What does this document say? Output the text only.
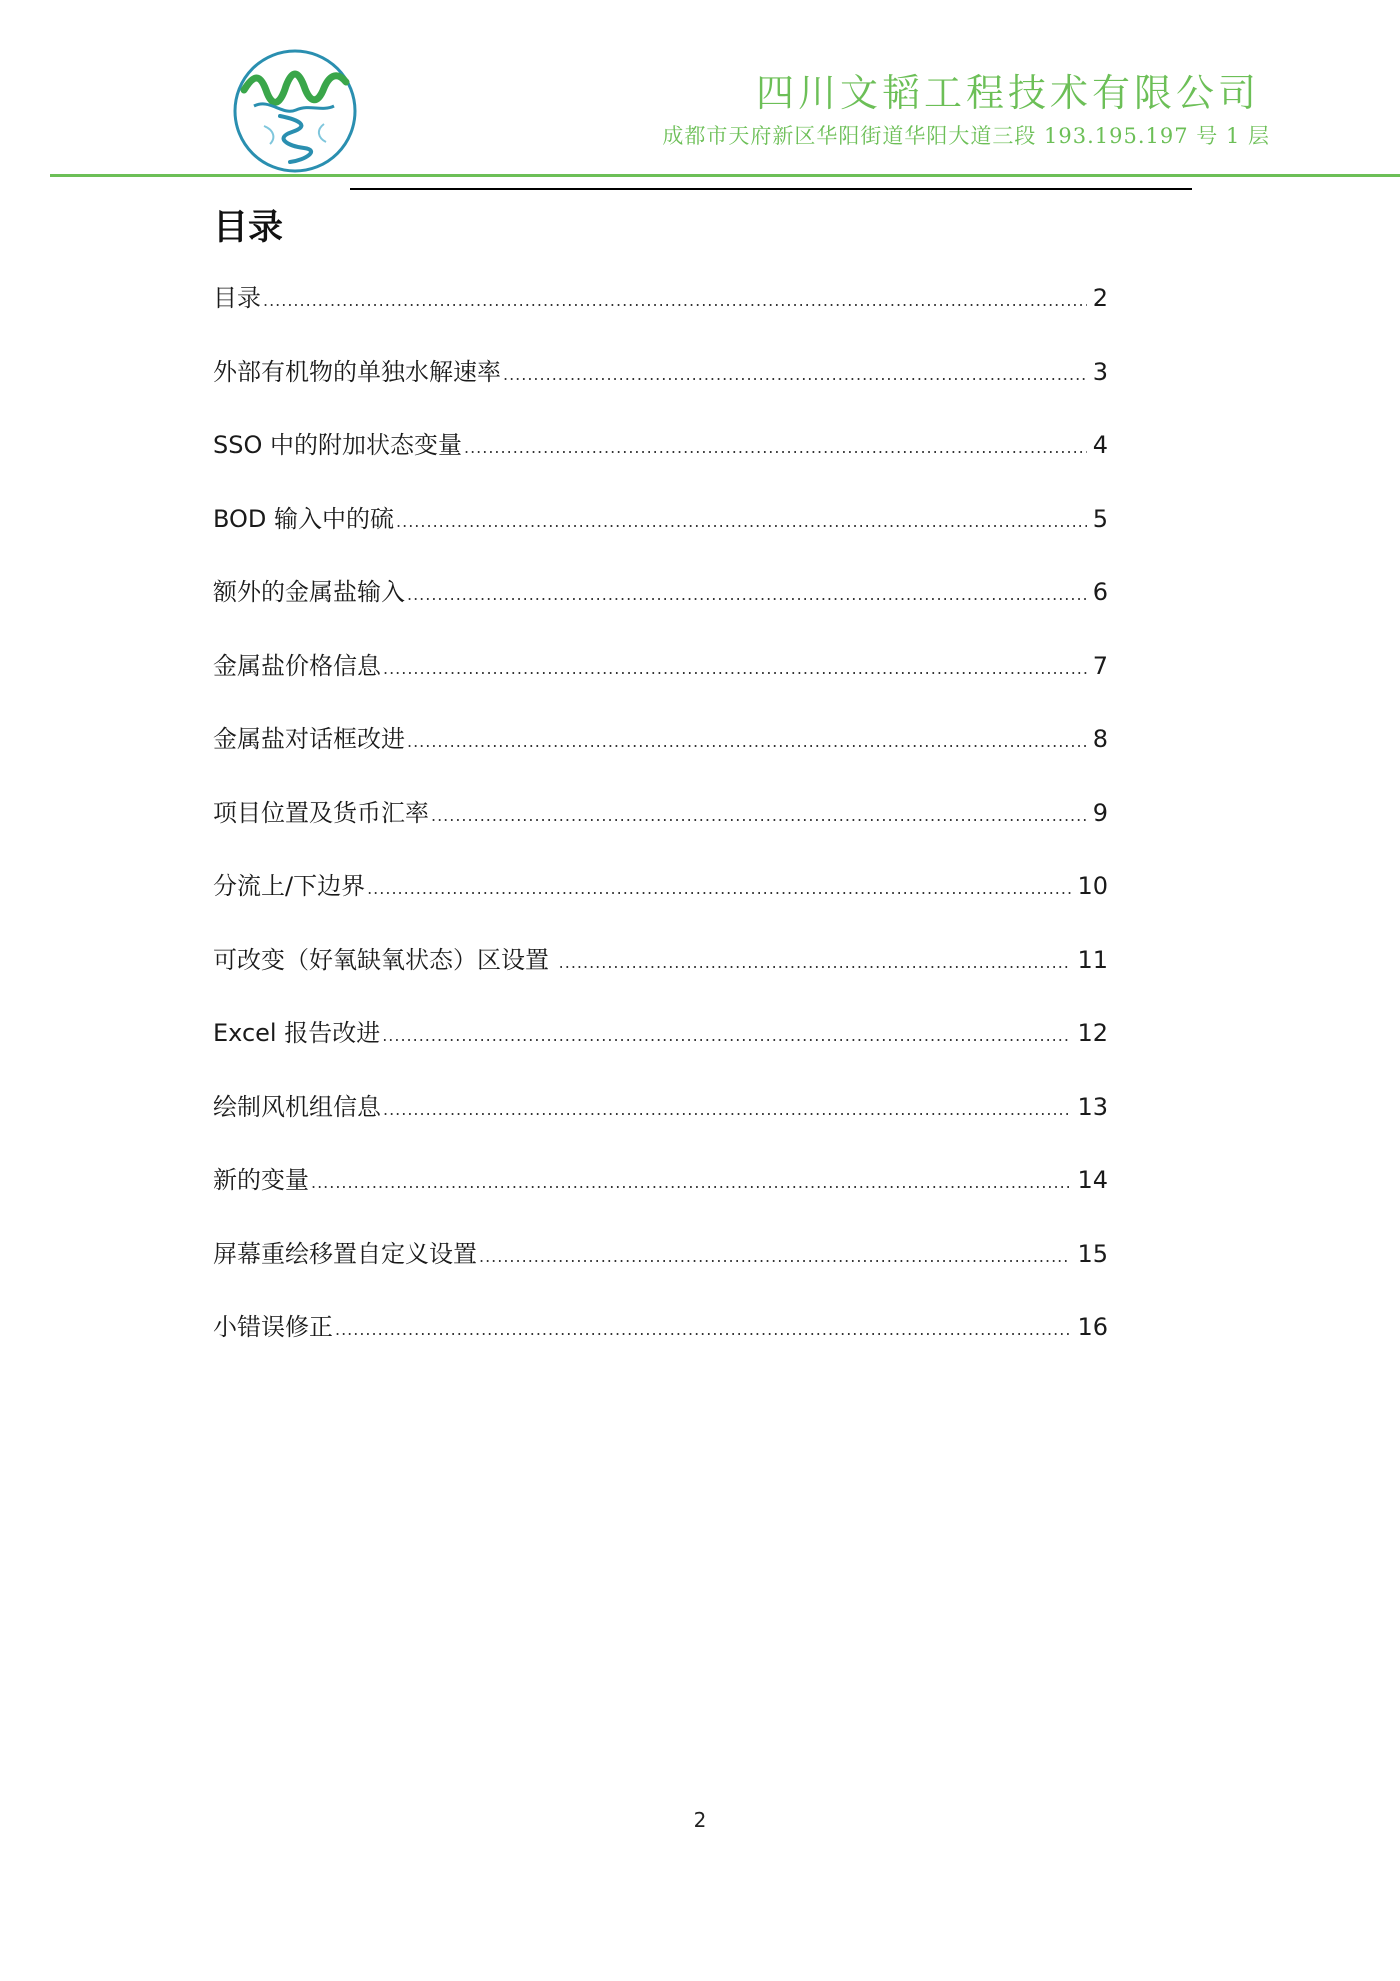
四川文韬工程技术有限公司
成都市天府新区华阳街道华阳大道三段 193.195.197 号 1 层
目录
目录 .....	2
外部有机物的单独水解速率 .....	3
SSO 中的附加状态变量 .....	4
BOD 输入中的硫 .....	5
额外的金属盐输入 .....	6
金属盐价格信息 .....	7
金属盐对话框改进 .....	8
项目位置及货币汇率 .....	9
分流上/下边界 .....	10
可改变（好氧缺氧状态）区设置 .....	11
Excel 报告改进 .....	12
绘制风机组信息 .....	13
新的变量 .....	14
屏幕重绘移置自定义设置 .....	15
小错误修正 .....	16
2
